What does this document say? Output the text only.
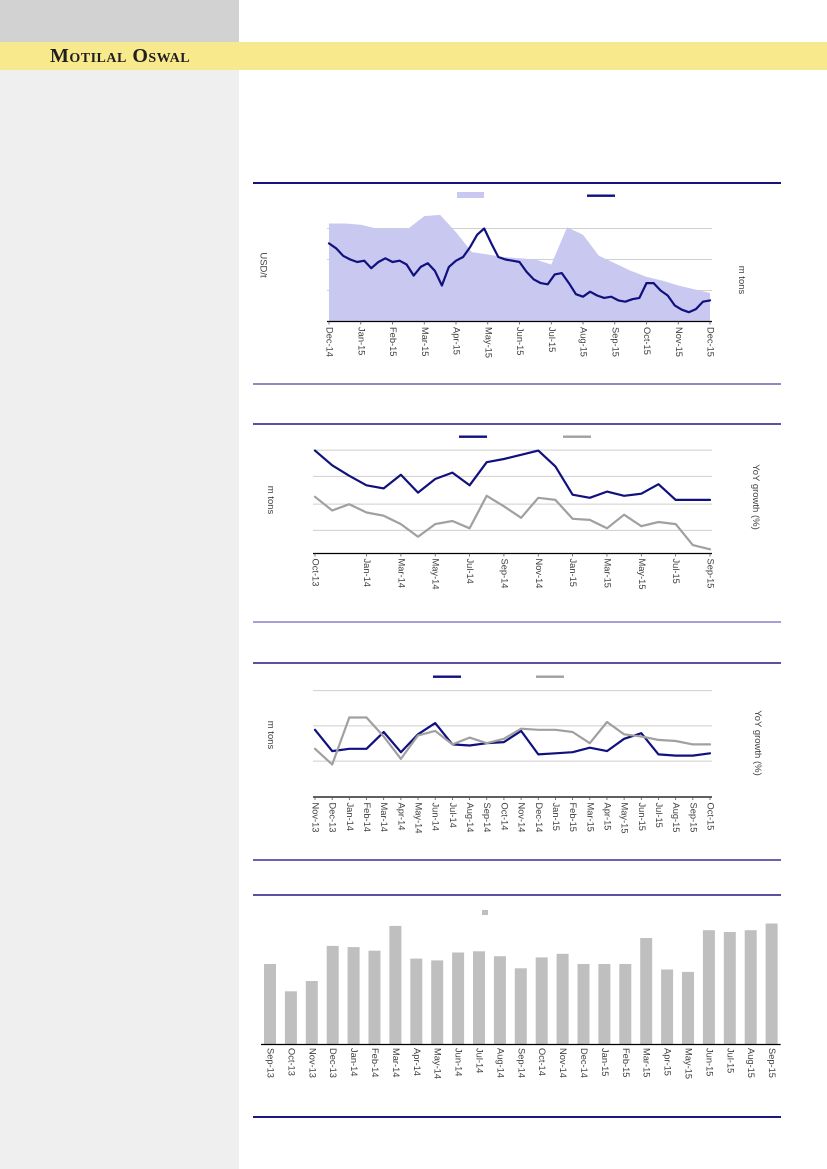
Motilal Oswal
Dec-14 Jan-15 Feb-15 Mar-15 Apr-15 May-15 Jun-15 Jul-15 Aug-15 Sep-15 Oct-15 Nov-15 Dec-15
USD/t
m tons
Oct-13	Jan-14	Mar-14	May-14	Jul-14	Sep-14	Nov-14	Jan-15	Mar-15	May-15	Jul-15	Sep-15
m tons	YoY growth (%)
Nov-13 Dec-13 Jan-14 Feb-14 Mar-14 Apr-14 May-14 Jun-14 Jul-14 Aug-14 Sep-14 Oct-14 Nov-14 Dec-14 Jan-15 Feb-15 Mar-15 Apr-15 May-15 Jun-15 Jul-15 Aug-15 Sep-15 Oct-15
m tons	YoY growth (%)
Sep-13 Oct-13 Nov-13 Dec-13 Jan-14 Feb-14 Mar-14 Apr-14 May-14 Jun-14 Jul-14 Aug-14 Sep-14 Oct-14 Nov-14 Dec-14 Jan-15 Feb-15 Mar-15 Apr-15 May-15 Jun-15 Jul-15 Aug-15 Sep-15
